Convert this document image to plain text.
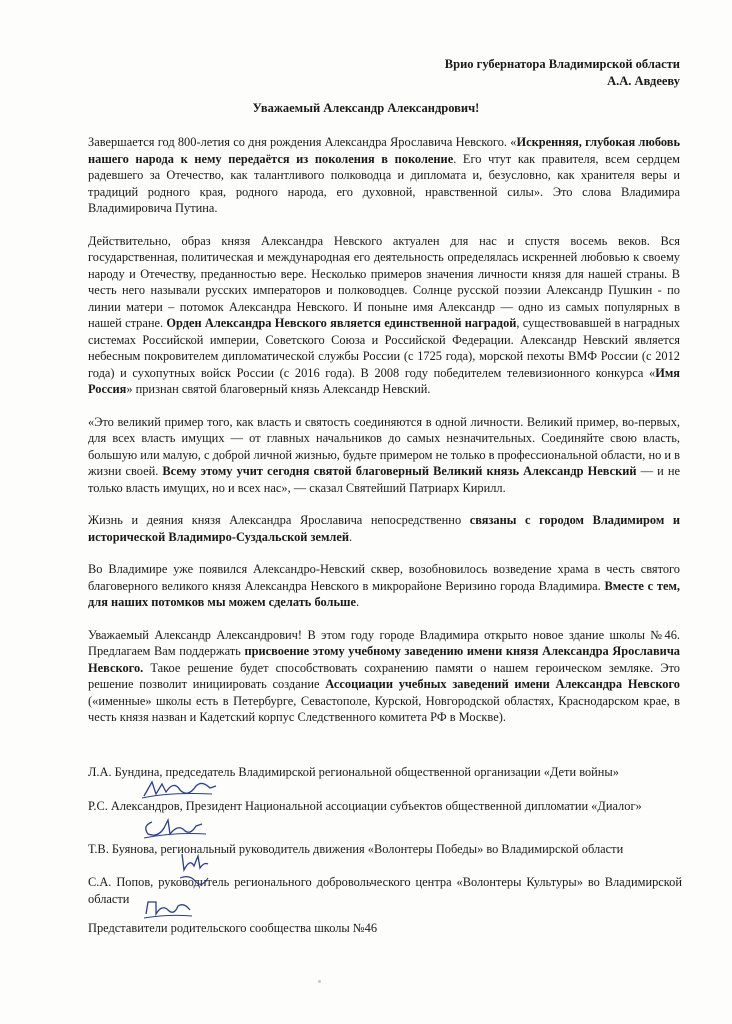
Врио губернатора Владимирской области
А.А. Авдееву
Уважаемый Александр Александрович!

Завершается год 800-летия со дня рождения Александра Ярославича Невского. «Искренняя, глубокая любовь нашего народа к нему передаётся из поколения в поколение. Его чтут как правителя, всем сердцем радевшего за Отечество, как талантливого полководца и дипломата и, безусловно, как хранителя веры и традиций родного края, родного народа, его духовной, нравственной силы». Это слова Владимира Владимировича Путина.

Действительно, образ князя Александра Невского актуален для нас и спустя восемь веков. Вся государственная, политическая и международная его деятельность определялась искренней любовью к своему народу и Отечеству, преданностью вере. Несколько примеров значения личности князя для нашей страны. В честь него называли русских императоров и полководцев. Солнце русской поэзии Александр Пушкин - по линии матери – потомок Александра Невского. И поныне имя Александр — одно из самых популярных в нашей стране. Орден Александра Невского является единственной наградой, существовавшей в наградных системах Российской империи, Советского Союза и Российской Федерации. Александр Невский является небесным покровителем дипломатической службы России (с 1725 года), морской пехоты ВМФ России (с 2012 года) и сухопутных войск России (с 2016 года). В 2008 году победителем телевизионного конкурса «Имя Россия» признан святой благоверный князь Александр Невский.

«Это великий пример того, как власть и святость соединяются в одной личности. Великий пример, во-первых, для всех власть имущих — от главных начальников до самых незначительных. Соединяйте свою власть, большую или малую, с доброй личной жизнью, будьте примером не только в профессиональной области, но и в жизни своей. Всему этому учит сегодня святой благоверный Великий князь Александр Невский — и не только власть имущих, но и всех нас», — сказал Святейший Патриарх Кирилл.

Жизнь и деяния князя Александра Ярославича непосредственно связаны с городом Владимиром и исторической Владимиро-Суздальской землей.

Во Владимире уже появился Александро-Невский сквер, возобновилось возведение храма в честь святого благоверного великого князя Александра Невского в микрорайоне Веризино города Владимира. Вместе с тем, для наших потомков мы можем сделать больше.

Уважаемый Александр Александрович! В этом году городе Владимира открыто новое здание школы №46. Предлагаем Вам поддержать присвоение этому учебному заведению имени князя Александра Ярославича Невского. Такое решение будет способствовать сохранению памяти о нашем героическом земляке. Это решение позволит инициировать создание Ассоциации учебных заведений имени Александра Невского («именные» школы есть в Петербурге, Севастополе, Курской, Новгородской областях, Краснодарском крае, в честь князя назван и Кадетский корпус Следственного комитета РФ в Москве).

Л.А. Бундина, председатель Владимирской региональной общественной организации «Дети войны»
Р.С. Александров, Президент Национальной ассоциации субъектов общественной дипломатии «Диалог»
Т.В. Буянова, региональный руководитель движения «Волонтеры Победы» во Владимирской области
С.А. Попов, руководитель регионального добровольческого центра «Волонтеры Культуры» во Владимирской области
Представители родительского сообщества школы №46
